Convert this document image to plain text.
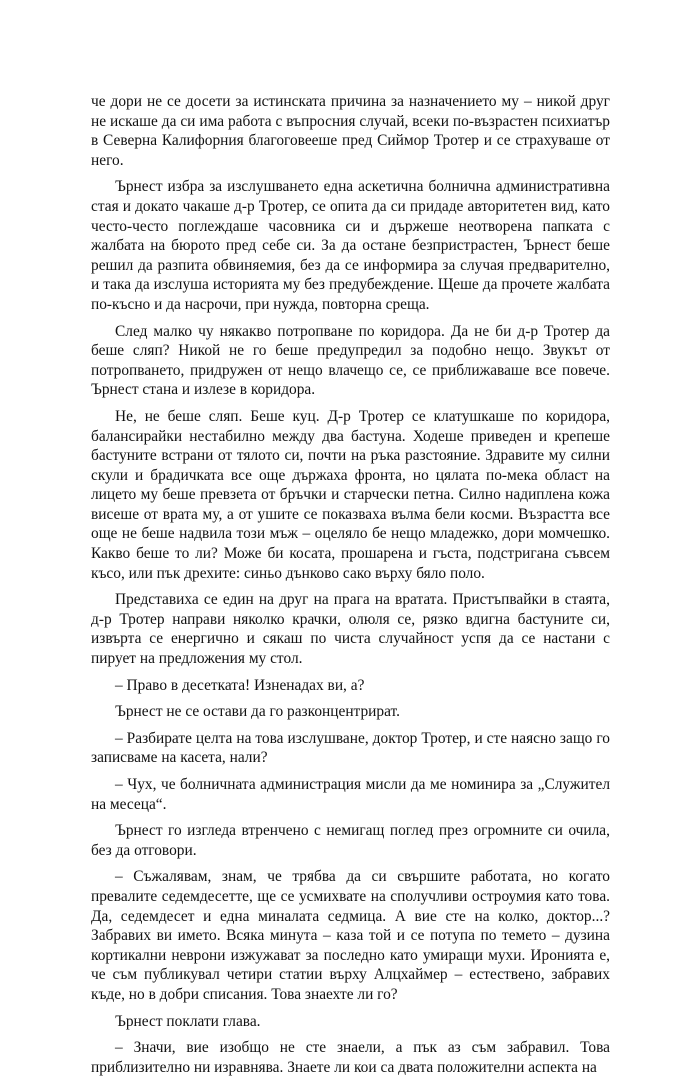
че дори не се досети за истинската причина за назначението му – никой друг не искаше да си има работа с въпросния случай, всеки по-възрастен психиатър в Северна Калифорния благоговееше пред Сиймор Тротер и се страхуваше от него.

Ърнест избра за изслушването една аскетична болнична административна стая и докато чакаше д-р Тротер, се опита да си придаде авторитетен вид, като често-често поглеждаше часовника си и държеше неотворена папката с жалбата на бюрото пред себе си. За да остане безпристрастен, Ърнест беше решил да разпита обвиняемия, без да се информира за случая предварително, и така да изслуша историята му без предубеждение. Щеше да прочете жалбата по-късно и да насрочи, при нужда, повторна среща.

След малко чу някакво потропване по коридора. Да не би д-р Тротер да беше сляп? Никой не го беше предупредил за подобно нещо. Звукът от потропването, придружен от нещо влачещо се, се приближаваше все повече. Ърнест стана и излезе в коридора.

Не, не беше сляп. Беше куц. Д-р Тротер се клатушкаше по коридора, балансирайки нестабилно между два бастуна. Ходеше приведен и крепеше бастуните встрани от тялото си, почти на ръка разстояние. Здравите му силни скули и брадичката все още държаха фронта, но цялата по-мека област на лицето му беше превзета от бръчки и старчески петна. Силно надиплена кожа висеше от врата му, а от ушите се показваха вълма бели косми. Възрастта все още не беше надвила този мъж – оцеляло бе нещо младежко, дори момчешко. Какво беше то ли? Може би косата, прошарена и гъста, подстригана съвсем късо, или пък дрехите: синьо дънково сако върху бяло поло.

Представиха се един на друг на прага на вратата. Пристъпвайки в стаята, д-р Тротер направи няколко крачки, олюля се, рязко вдигна бастуните си, извърта се енергично и сякаш по чиста случайност успя да се настани с пирует на предложения му стол.

– Право в десетката! Изненадах ви, а?

Ърнест не се остави да го разконцентрират.

– Разбирате целта на това изслушване, доктор Тротер, и сте наясно защо го записваме на касета, нали?

– Чух, че болничната администрация мисли да ме номинира за „Служител на месеца“.

Ърнест го изгледа втренчено с немигащ поглед през огромните си очила, без да отговори.

– Съжалявам, знам, че трябва да си свършите работата, но когато превалите седемдесетте, ще се усмихвате на сполучливи остроумия като това. Да, седемдесет и една миналата седмица. А вие сте на колко, доктор...? Забравих ви името. Всяка минута – каза той и се потупа по темето – дузина кортикални неврони изжужават за последно като умиращи мухи. Иронията е, че съм публикувал четири статии върху Алцхаймер – естествено, забравих къде, но в добри списания. Това знаехте ли го?

Ърнест поклати глава.

– Значи, вие изобщо не сте знаели, а пък аз съм забравил. Това приблизително ни изравнява. Знаете ли кои са двата положителни аспекта на
